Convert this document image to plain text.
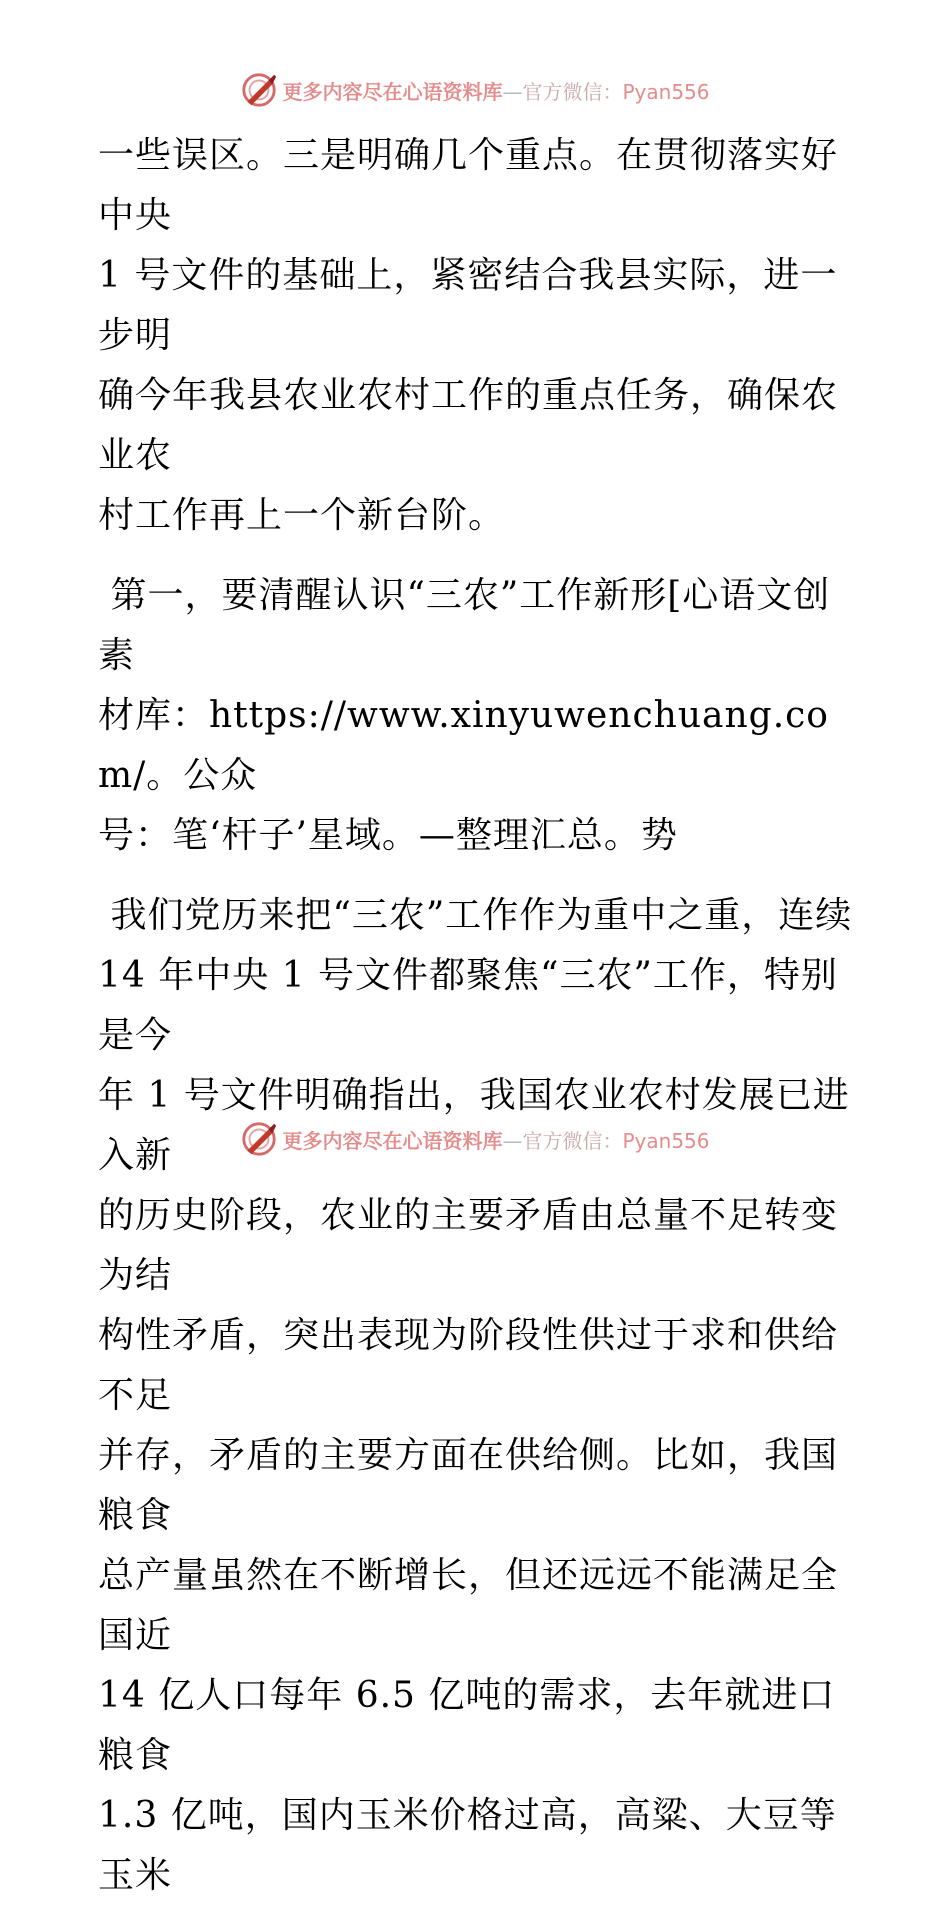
更多内容尽在心语资料库—官方微信：Pyan556

一些误区。三是明确几个重点。在贯彻落实好中央
1 号文件的基础上，紧密结合我县实际，进一步明
确今年我县农业农村工作的重点任务，确保农业农
村工作再上一个新台阶。

第一，要清醒认识“三农”工作新形[心语文创素
材库：https://www.xinyuwenchuang.com/。公众
号：笔‘杆子’星域。—整理汇总。势

我们党历来把“三农”工作作为重中之重，连续
14 年中央 1 号文件都聚焦“三农”工作，特别是今
年 1 号文件明确指出，我国农业农村发展已进入新
的历史阶段，农业的主要矛盾由总量不足转变为结
构性矛盾，突出表现为阶段性供过于求和供给不足
并存，矛盾的主要方面在供给侧。比如，我国粮食
总产量虽然在不断增长，但还远远不能满足全国近
14 亿人口每年 6.5 亿吨的需求，去年就进口粮食
1.3 亿吨，国内玉米价格过高，高粱、大豆等玉米

更多内容尽在心语资料库—官方微信：Pyan556
